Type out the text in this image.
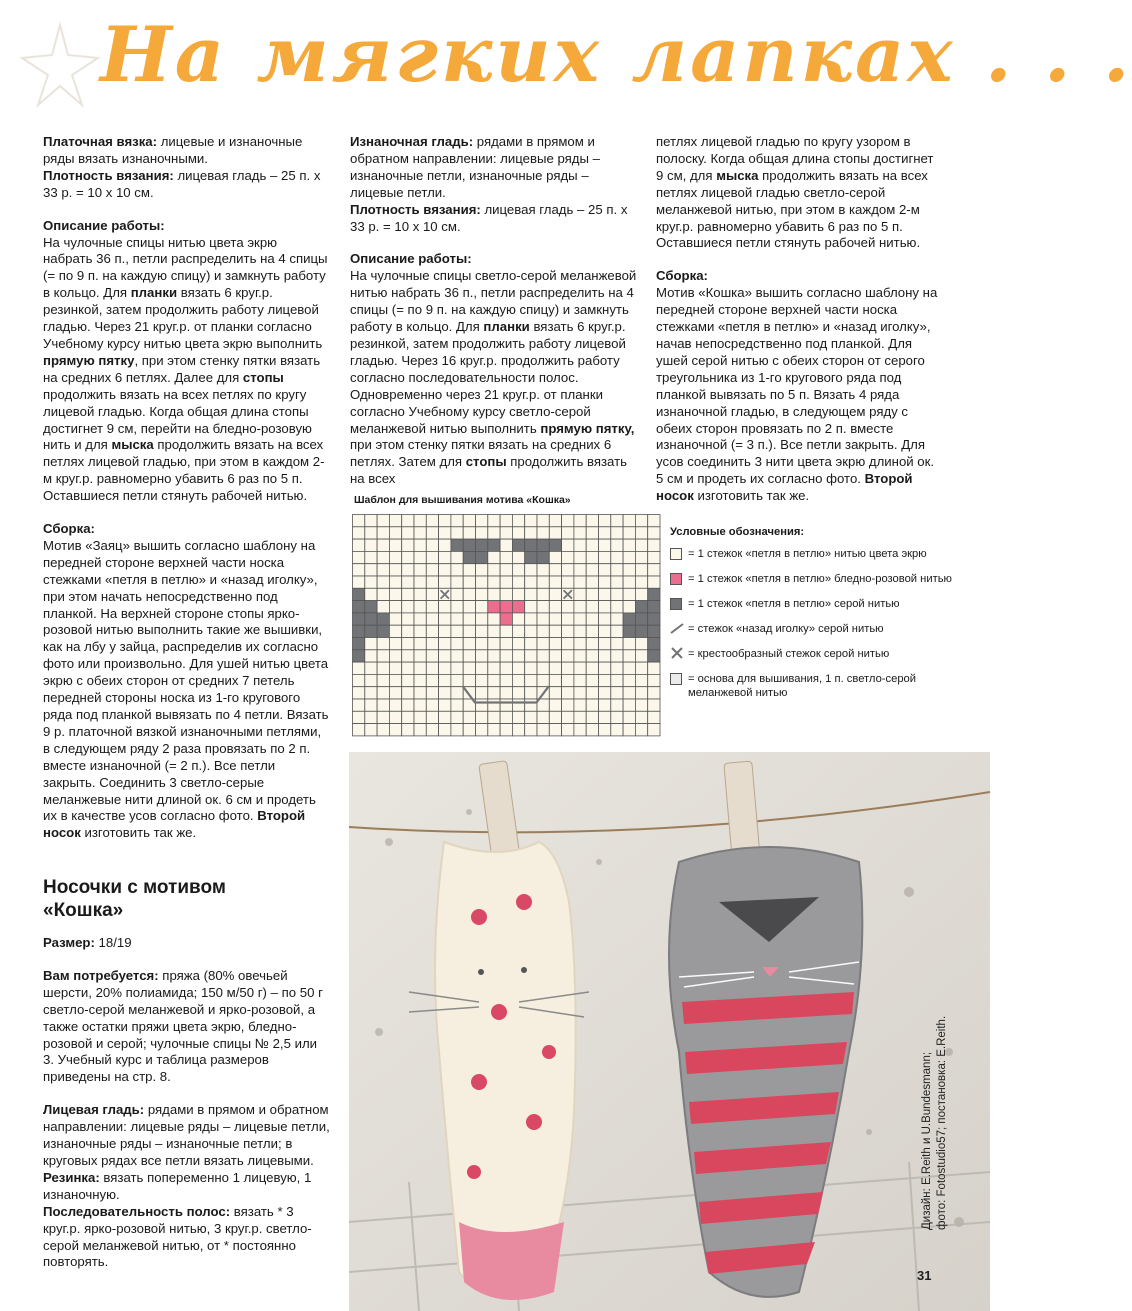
На мягких лапках . . .

Платочная вязка: лицевые и изнаночные ряды вязать изнаночными.

Плотность вязания: лицевая гладь – 25 п. х 33 р. = 10 х 10 см.

Описание работы:

На чулочные спицы нитью цвета экрю набрать 36 п., петли распределить на 4 спицы (= по 9 п. на каждую спицу) и замкнуть работу в кольцо. Для планки вязать 6 круг.р. резинкой, затем продолжить работу лицевой гладью. Через 21 круг.р. от планки согласно Учебному курсу нитью цвета экрю выполнить прямую пятку, при этом стенку пятки вязать на средних 6 петлях. Далее для стопы продолжить вязать на всех петлях по кругу лицевой гладью. Когда общая длина стопы достигнет 9 см, перейти на бледно-розовую нить и для мыска продолжить вязать на всех петлях лицевой гладью, при этом в каждом 2-м круг.р. равномерно убавить 6 раз по 5 п. Оставшиеся петли стянуть рабочей нитью.

Сборка:

Мотив «Заяц» вышить согласно шаблону на передней стороне верхней части носка стежками «петля в петлю» и «назад иголку», при этом начать непосредственно под планкой. На верхней стороне стопы ярко-розовой нитью выполнить такие же вышивки, как на лбу у зайца, распределив их согласно фото или произвольно. Для ушей нитью цвета экрю с обеих сторон от средних 7 петель передней стороны носка из 1-го кругового ряда под планкой вывязать по 4 петли. Вязать 9 р. платочной вязкой изнаночными петлями, в следующем ряду 2 раза провязать по 2 п. вместе изнаночной (= 2 п.). Все петли закрыть. Соединить 3 светло-серые меланжевые нити длиной ок. 6 см и продеть их в качестве усов согласно фото. Второй носок изготовить так же.

Носочки с мотивом
«Кошка»

Размер: 18/19

Вам потребуется: пряжа (80% овечьей шерсти, 20% полиамида; 150 м/50 г) – по 50 г светло-серой меланжевой и ярко-розовой, а также остатки пряжи цвета экрю, бледно-розовой и серой; чулочные спицы № 2,5 или 3. Учебный курс и таблица размеров приведены на стр. 8.

Лицевая гладь: рядами в прямом и обратном направлении: лицевые ряды – лицевые петли, изнаночные ряды – изнаночные петли; в круговых рядах все петли вязать лицевыми.

Резинка: вязать попеременно 1 лицевую, 1 изнаночную.

Последовательность полос: вязать * 3 круг.р. ярко-розовой нитью, 3 круг.р. светло-серой меланжевой нитью, от * постоянно повторять.

Изнаночная гладь: рядами в прямом и обратном направлении: лицевые ряды – изнаночные петли, изнаночные ряды – лицевые петли.

Плотность вязания: лицевая гладь – 25 п. х 33 р. = 10 х 10 см.

Описание работы:

На чулочные спицы светло-серой меланжевой нитью набрать 36 п., петли распределить на 4 спицы (= по 9 п. на каждую спицу) и замкнуть работу в кольцо. Для планки вязать 6 круг.р. резинкой, затем продолжить работу лицевой гладью. Через 16 круг.р. продолжить работу согласно последовательности полос. Одновременно через 21 круг.р. от планки согласно Учебному курсу светло-серой меланжевой нитью выполнить прямую пятку, при этом стенку пятки вязать на средних 6 петлях. Затем для стопы продолжить вязать на всех

петлях лицевой гладью по кругу узором в полоску. Когда общая длина стопы достигнет 9 см, для мыска продолжить вязать на всех петлях лицевой гладью светло-серой меланжевой нитью, при этом в каждом 2-м круг.р. равномерно убавить 6 раз по 5 п. Оставшиеся петли стянуть рабочей нитью.

Сборка:

Мотив «Кошка» вышить согласно шаблону на передней стороне верхней части носка стежками «петля в петлю» и «назад иголку», начав непосредственно под планкой. Для ушей серой нитью с обеих сторон от серого треугольника из 1-го кругового ряда под планкой вывязать по 5 п. Вязать 4 ряда изнаночной гладью, в следующем ряду с обеих сторон провязать по 2 п. вместе изнаночной (= 3 п.). Все петли закрыть. Для усов соединить 3 нити цвета экрю длиной ок. 5 см и продеть их согласно фото. Второй носок изготовить так же.

Шаблон для вышивания мотива «Кошка»
Условные обозначения:
= 1 стежок «петля в петлю» нитью цвета экрю
= 1 стежок «петля в петлю» бледно-розовой нитью
= 1 стежок «петля в петлю» серой нитью
= стежок «назад иголку» серой нитью
= крестообразный стежок серой нитью
= основа для вышивания, 1 п. светло-серой меланжевой нитью
Дизайн: E.Reith и U.Bundesmann; фото: Fotostudio57; постановка: E.Reith.
31
